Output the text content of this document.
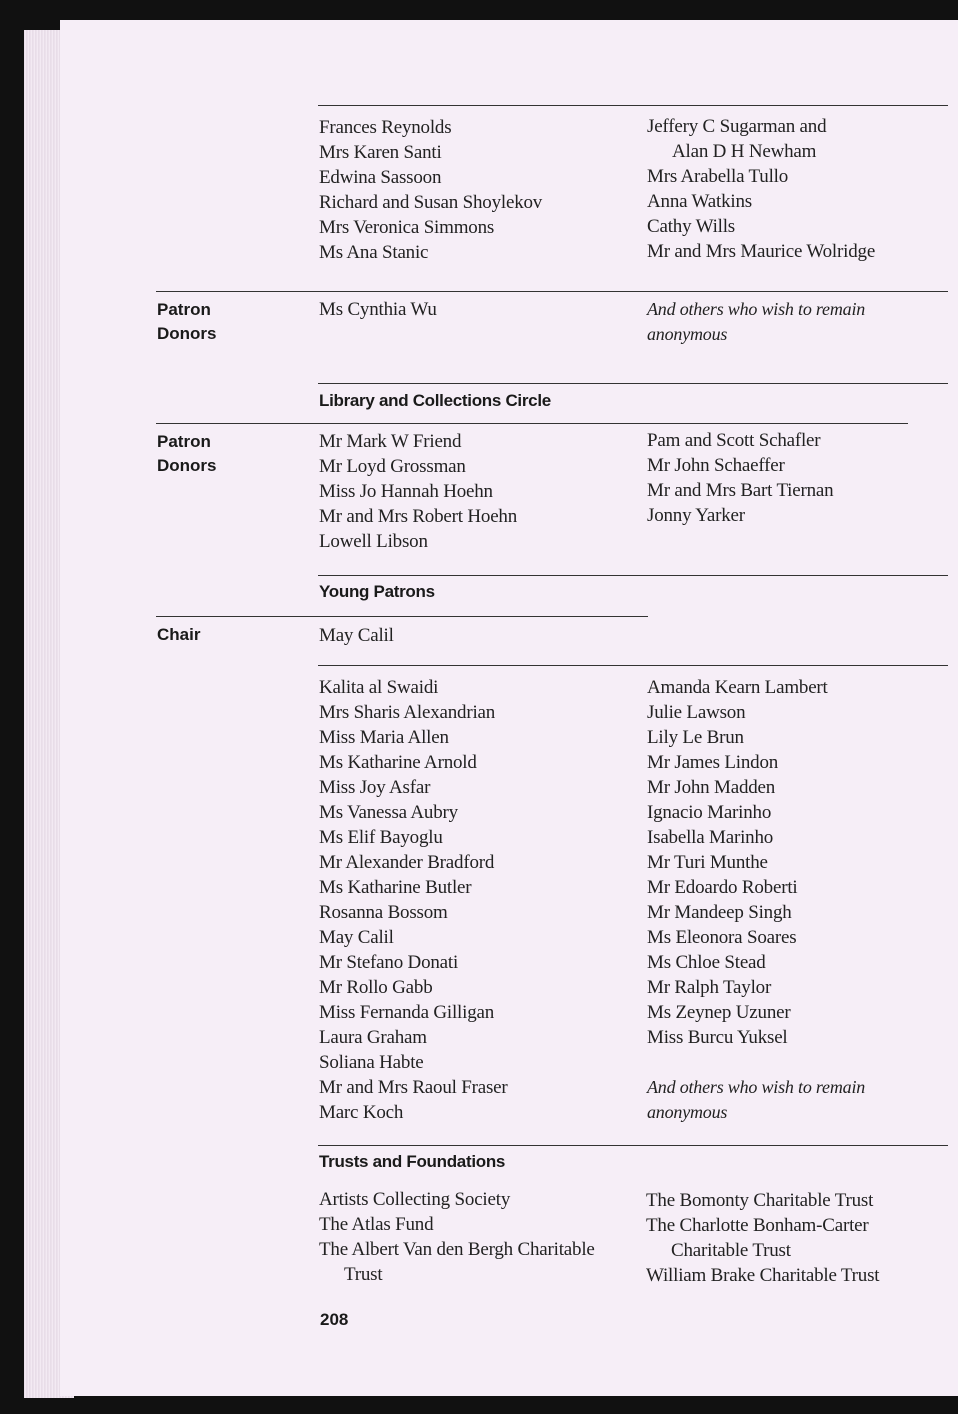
Frances Reynolds
Mrs Karen Santi
Edwina Sassoon
Richard and Susan Shoylekov
Mrs Veronica Simmons
Ms Ana Stanic
Jeffery C Sugarman and
Alan D H Newham
Mrs Arabella Tullo
Anna Watkins
Cathy Wills
Mr and Mrs Maurice Wolridge
Patron
Donors
Ms Cynthia Wu	And others who wish to remain
anonymous
Library and Collections Circle
Patron
Donors
Mr Mark W Friend
Mr Loyd Grossman
Miss Jo Hannah Hoehn
Mr and Mrs Robert Hoehn
Lowell Libson
Pam and Scott Schafler
Mr John Schaeffer
Mr and Mrs Bart Tiernan
Jonny Yarker
Young Patrons
Chair	May Calil
Kalita al Swaidi
Mrs Sharis Alexandrian
Miss Maria Allen
Ms Katharine Arnold
Miss Joy Asfar
Ms Vanessa Aubry
Ms Elif Bayoglu
Mr Alexander Bradford
Ms Katharine Butler
Rosanna Bossom
May Calil
Mr Stefano Donati
Mr Rollo Gabb
Miss Fernanda Gilligan
Laura Graham
Soliana Habte
Mr and Mrs Raoul Fraser
Marc Koch
Amanda Kearn Lambert
Julie Lawson
Lily Le Brun
Mr James Lindon
Mr John Madden
Ignacio Marinho
Isabella Marinho
Mr Turi Munthe
Mr Edoardo Roberti
Mr Mandeep Singh
Ms Eleonora Soares
Ms Chloe Stead
Mr Ralph Taylor
Ms Zeynep Uzuner
Miss Burcu Yuksel
And others who wish to remain
anonymous
Trusts and Foundations
Artists Collecting Society
The Atlas Fund
The Albert Van den Bergh Charitable
Trust
The Bomonty Charitable Trust
The Charlotte Bonham-Carter
Charitable Trust
William Brake Charitable Trust
208
